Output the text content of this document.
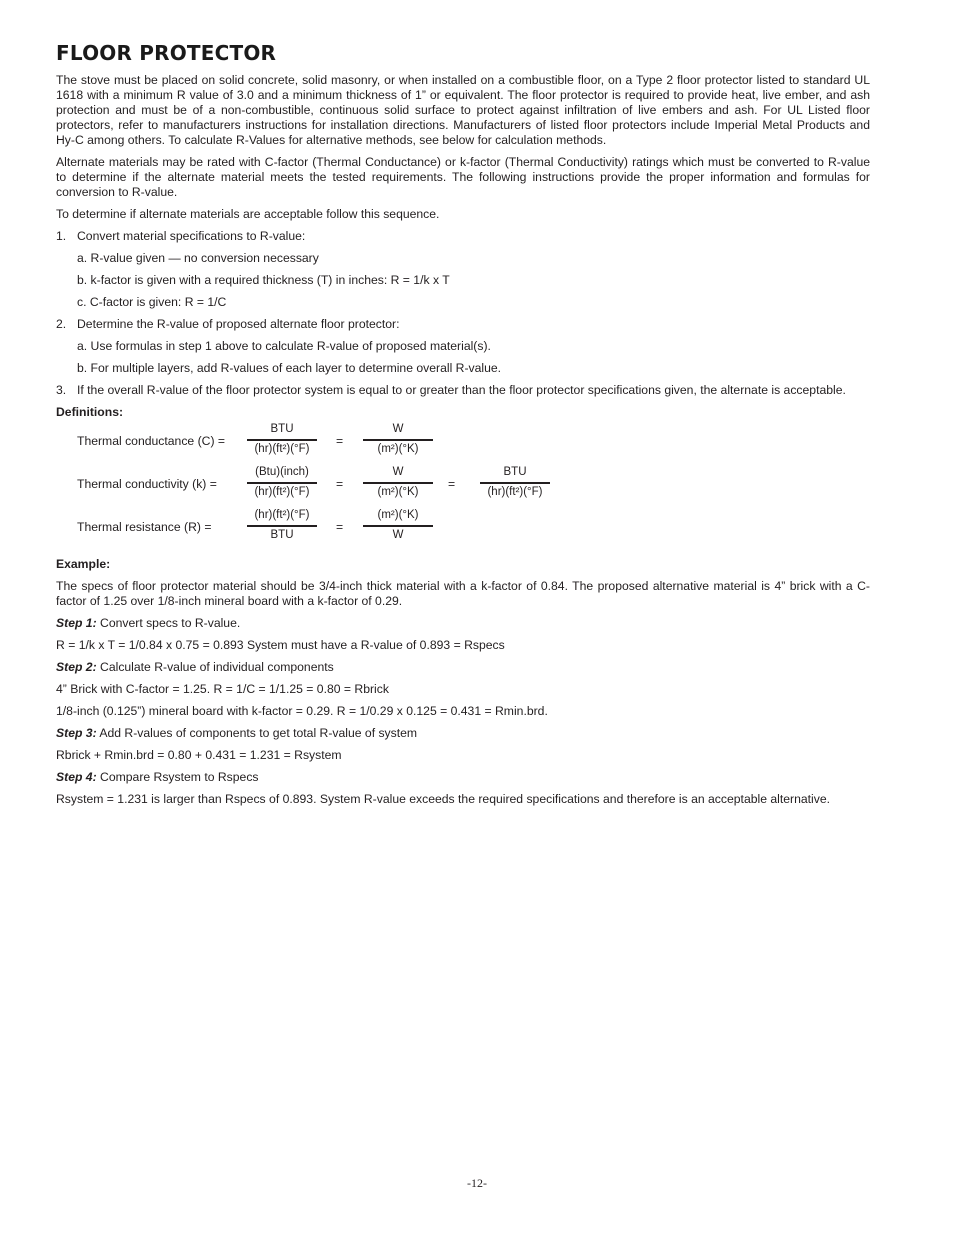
FLOOR PROTECTOR

The stove must be placed on solid concrete, solid masonry, or when installed on a combustible floor, on a Type 2 floor protector listed to standard UL 1618 with a minimum R value of 3.0 and a minimum thickness of 1” or equivalent. The floor protector is required to provide heat, live ember, and ash protection and must be of a non-combustible, continuous solid surface to protect against infiltration of live embers and ash. For UL Listed floor protectors, refer to manufacturers instructions for installation directions. Manufacturers of listed floor protectors include Imperial Metal Products and Hy-C among others. To calculate R-Values for alternative methods, see below for calculation methods.

Alternate materials may be rated with C-factor (Thermal Conductance) or k-factor (Thermal Conductivity) ratings which must be converted to R-value to determine if the alternate material meets the tested requirements. The following instructions provide the proper information and formulas for conversion to R-value.

To determine if alternate materials are acceptable follow this sequence.

1. Convert material specifications to R-value:
a. R-value given — no conversion necessary
b. k-factor is given with a required thickness (T) in inches: R = 1/k x T
c. C-factor is given: R = 1/C
2. Determine the R-value of proposed alternate floor protector:
a. Use formulas in step 1 above to calculate R-value of proposed material(s).
b. For multiple layers, add R-values of each layer to determine overall R-value.
3. If the overall R-value of the floor protector system is equal to or greater than the floor protector specifications given, the alternate is acceptable.

Definitions:

Thermal conductance (C) =
BTU
(hr)(ft²)(°F)
= $\frac{W}{\text{(m²)(°K)}}$
Thermal conductivity (k) =
(Btu)(inch)
(hr)(ft²)(°F)
= $\frac{W}{\text{(m²)(°K)}}$ =
BTU
(hr)(ft²)(°F)
Thermal resistance (R) =
(hr)(ft²)(°F)
BTU
= $\frac{\text{(m²)(°K)}}{W}$

Example:

The specs of floor protector material should be 3/4-inch thick material with a k-factor of 0.84. The proposed alternative material is 4” brick with a C-factor of 1.25 over 1/8-inch mineral board with a k-factor of 0.29.

Step 1: Convert specs to R-value.

R = 1/k x T = 1/0.84 x 0.75 = 0.893 System must have a R-value of 0.893 = Rspecs

Step 2: Calculate R-value of individual components

4” Brick with C-factor = 1.25. R = 1/C = 1/1.25 = 0.80 = Rbrick

1/8-inch (0.125”) mineral board with k-factor = 0.29. R = 1/0.29 x 0.125 = 0.431 = Rmin.brd.

Step 3: Add R-values of components to get total R-value of system

Rbrick + Rmin.brd = 0.80 + 0.431 = 1.231 = Rsystem

Step 4: Compare Rsystem to Rspecs

Rsystem = 1.231 is larger than Rspecs of 0.893. System R-value exceeds the required specifications and therefore is an acceptable alternative.

-12-
